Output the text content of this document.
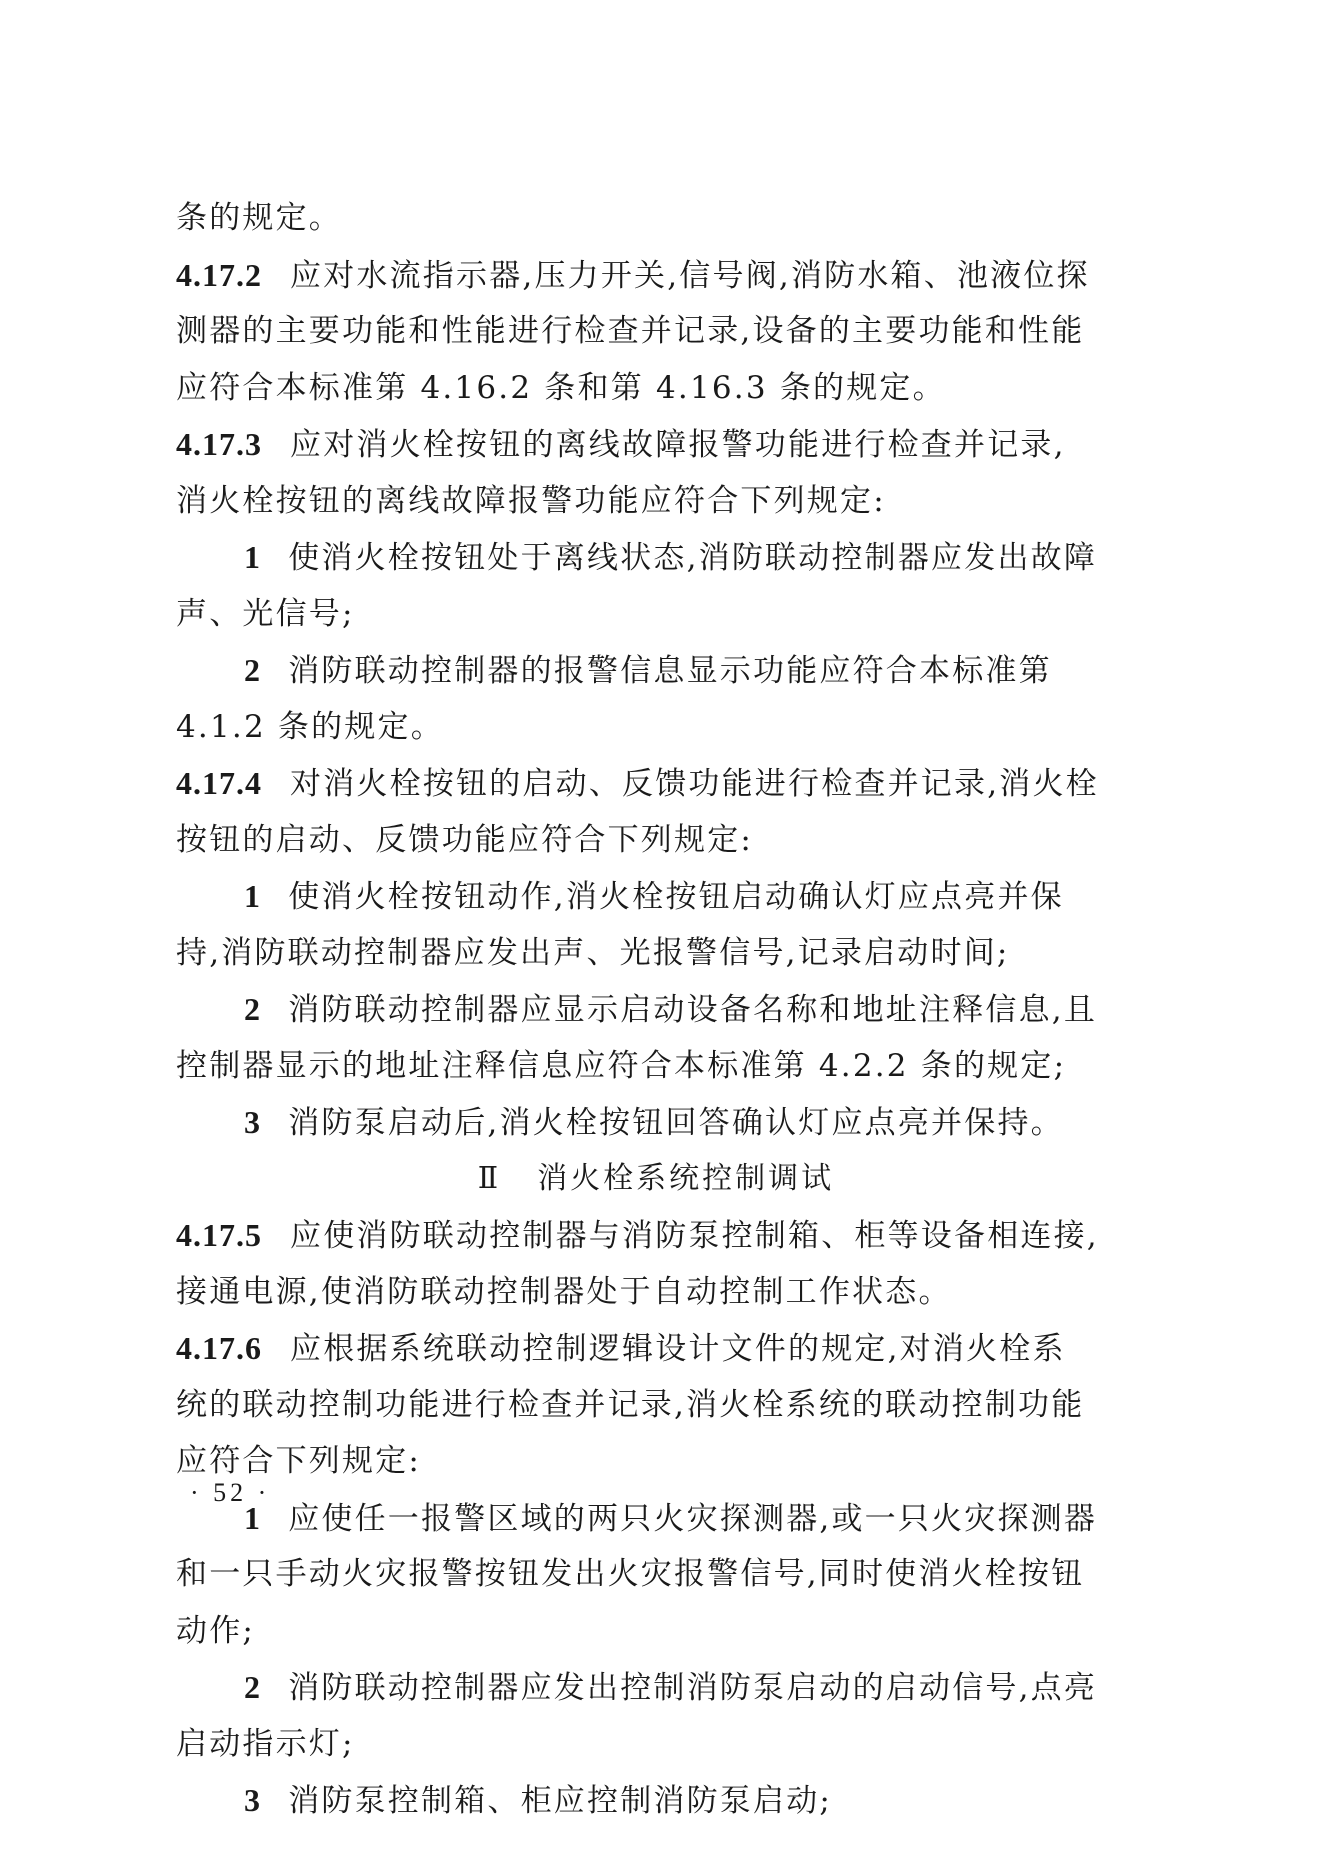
条的规定。
4.17.2 应对水流指示器,压力开关,信号阀,消防水箱、池液位探
测器的主要功能和性能进行检查并记录,设备的主要功能和性能
应符合本标准第 4.16.2 条和第 4.16.3 条的规定。
4.17.3 应对消火栓按钮的离线故障报警功能进行检查并记录,
消火栓按钮的离线故障报警功能应符合下列规定:
1 使消火栓按钮处于离线状态,消防联动控制器应发出故障
声、光信号;
2 消防联动控制器的报警信息显示功能应符合本标准第
4.1.2 条的规定。
4.17.4 对消火栓按钮的启动、反馈功能进行检查并记录,消火栓
按钮的启动、反馈功能应符合下列规定:
1 使消火栓按钮动作,消火栓按钮启动确认灯应点亮并保
持,消防联动控制器应发出声、光报警信号,记录启动时间;
2 消防联动控制器应显示启动设备名称和地址注释信息,且
控制器显示的地址注释信息应符合本标准第 4.2.2 条的规定;
3 消防泵启动后,消火栓按钮回答确认灯应点亮并保持。
Ⅱ 消火栓系统控制调试
4.17.5 应使消防联动控制器与消防泵控制箱、柜等设备相连接,
接通电源,使消防联动控制器处于自动控制工作状态。
4.17.6 应根据系统联动控制逻辑设计文件的规定,对消火栓系
统的联动控制功能进行检查并记录,消火栓系统的联动控制功能
应符合下列规定:
1 应使任一报警区域的两只火灾探测器,或一只火灾探测器
和一只手动火灾报警按钮发出火灾报警信号,同时使消火栓按钮
动作;
2 消防联动控制器应发出控制消防泵启动的启动信号,点亮
启动指示灯;
3 消防泵控制箱、柜应控制消防泵启动;
· 52 ·
